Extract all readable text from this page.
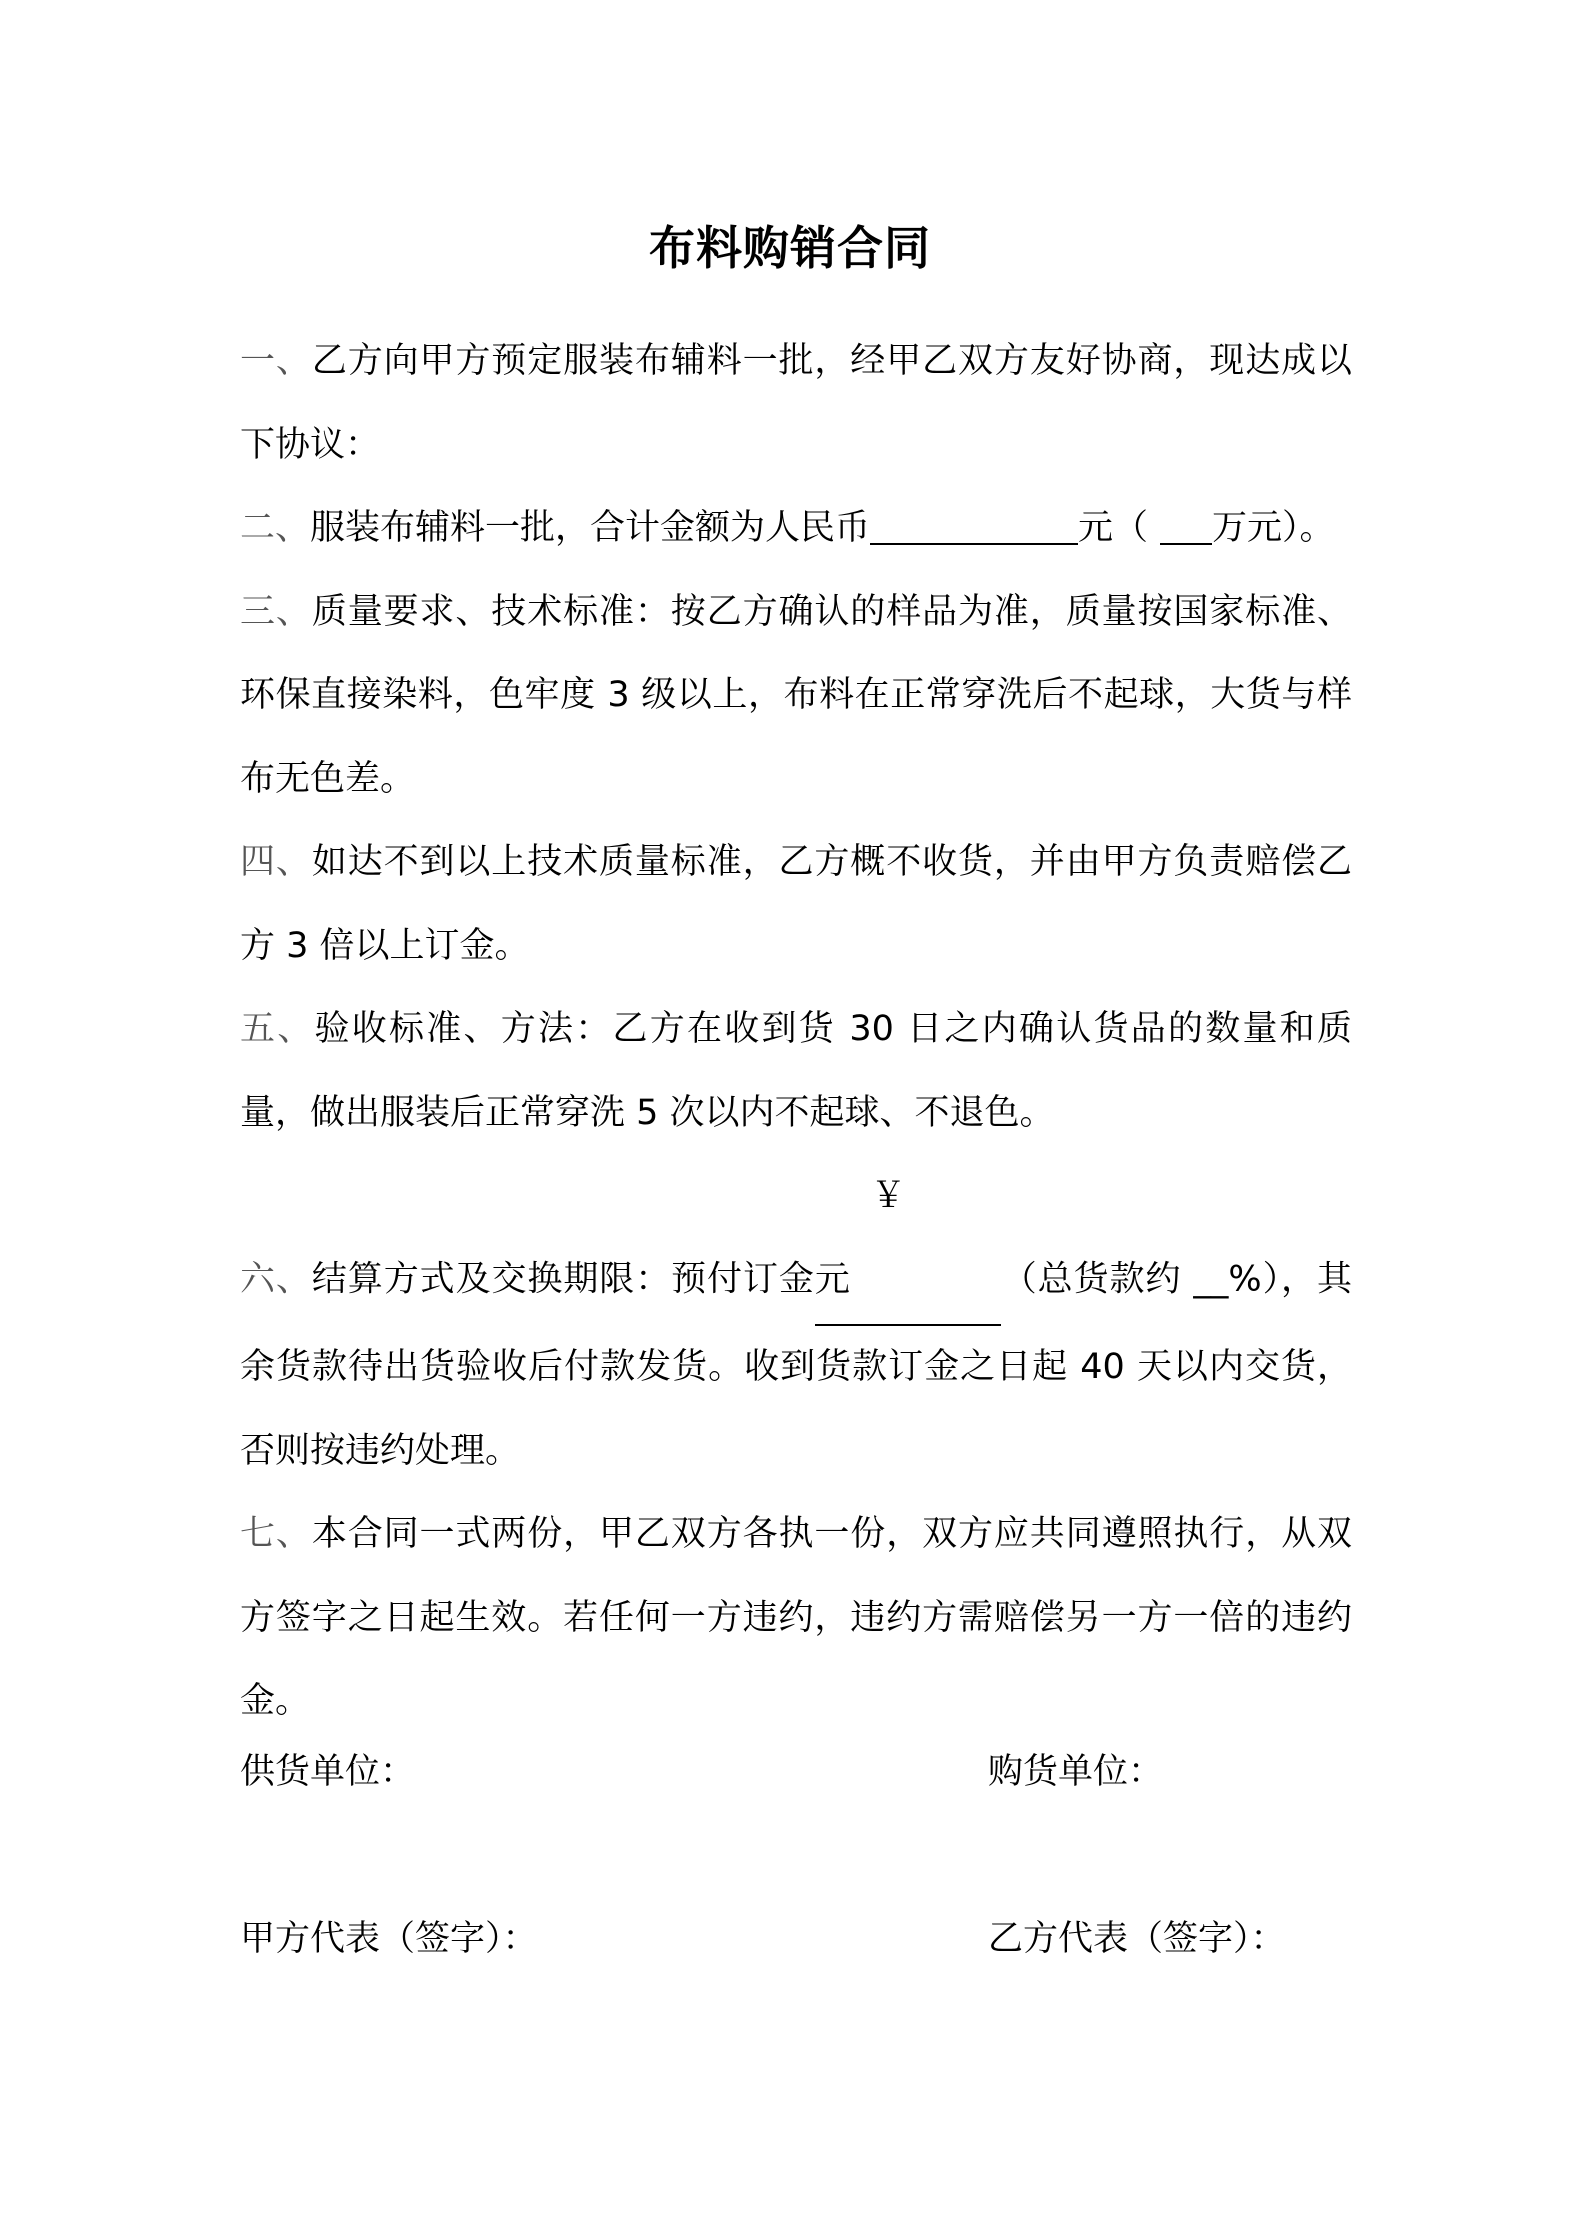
布料购销合同

一、乙方向甲方预定服装布辅料一批，经甲乙双方友好协商，现达成以下协议：

二、服装布辅料一批，合计金额为人民币	元（ 万元）。

三、质量要求、技术标准：按乙方确认的样品为准，质量按国家标准、环保直接染料，色牢度 3 级以上，布料在正常穿洗后不起球，大货与样布无色差。

四、如达不到以上技术质量标准，乙方概不收货，并由甲方负责赔偿乙方 3 倍以上订金。

五、验收标准、方法：乙方在收到货 30 日之内确认货品的数量和质量，做出服装后正常穿洗 5 次以内不起球、不退色。

六、结算方式及交换期限：预付订金    ￥       元	（总货款约 __%），其余货款待出货验收后付款发货。收到货款订金之日起 40 天以内交货，否则按违约处理。

七、本合同一式两份，甲乙双方各执一份，双方应共同遵照执行，从双方签字之日起生效。若任何一方违约，违约方需赔偿另一方一倍的违约金。

供货单位：	购货单位：
甲方代表（签字）：	乙方代表（签字）：
